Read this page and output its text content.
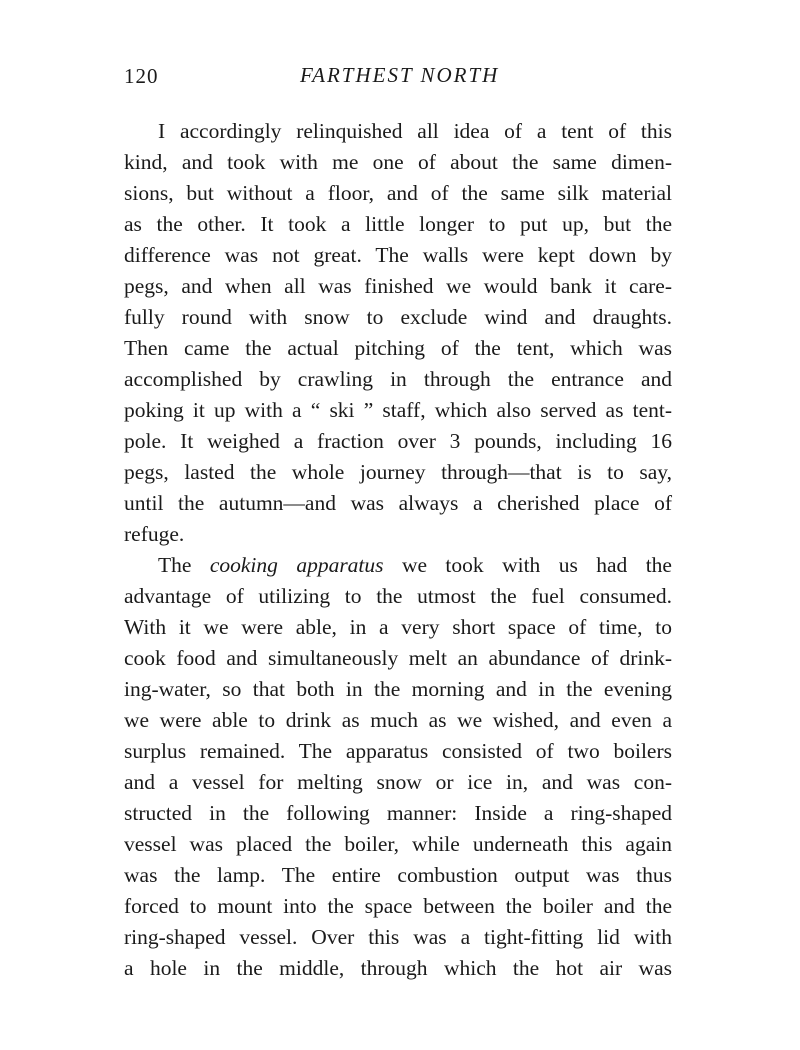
120	FARTHEST NORTH
I accordingly relinquished all idea of a tent of this
kind, and took with me one of about the same dimen-
sions, but without a floor, and of the same silk material
as the other. It took a little longer to put up, but the
difference was not great. The walls were kept down by
pegs, and when all was finished we would bank it care-
fully round with snow to exclude wind and draughts.
Then came the actual pitching of the tent, which was
accomplished by crawling in through the entrance and
poking it up with a “ ski ” staff, which also served as tent-
pole. It weighed a fraction over 3 pounds, including 16
pegs, lasted the whole journey through—that is to say,
until the autumn—and was always a cherished place of
refuge.
The cooking apparatus we took with us had the
advantage of utilizing to the utmost the fuel consumed.
With it we were able, in a very short space of time, to
cook food and simultaneously melt an abundance of drink-
ing-water, so that both in the morning and in the evening
we were able to drink as much as we wished, and even a
surplus remained. The apparatus consisted of two boilers
and a vessel for melting snow or ice in, and was con-
structed in the following manner: Inside a ring-shaped
vessel was placed the boiler, while underneath this again
was the lamp. The entire combustion output was thus
forced to mount into the space between the boiler and the
ring-shaped vessel. Over this was a tight-fitting lid with
a hole in the middle, through which the hot air was
